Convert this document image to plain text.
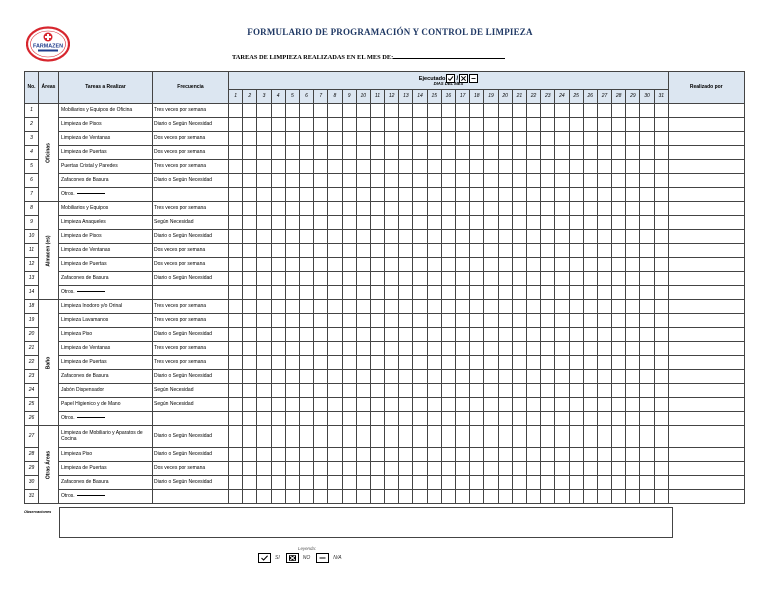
FARMAZEN
FORMULARIO DE PROGRAMACIÓN Y CONTROL DE LIMPIEZA
TAREAS DE LIMPIEZA REALIZADAS EN EL MES DE:
No.	Áreas	Tareas a Realizar	Frecuencia	Ejecutado /
DIAS DEL MES																															Realizado por
				1	2	3	4	5	6	7	8	9	10	11	12	13	14	15	16	17	18	19	20	21	22	23	24	25	26	27	28	29	30	31	
1	Oficinas	Mobiliarios y Equipos de Oficina	Tres veces por semana																																
2		Limpieza de Pisos	Diario o Según Necesidad																																
3		Limpieza de Ventanas	Dos veces por semana																																
4		Limpieza de Puertas	Dos veces por semana																																
5		Puertas Cristal y Paredes	Tres veces por semana																																
6		Zafacones de Basura	Diario o Según Necesidad																																
7		Otros.																																	
8	Almacen (es)	Mobiliarios y Equipos	Tres veces por semana																																
9		Limpieza Anaqueles	Según Necesidad																																
10		Limpieza de Pisos	Diario o Según Necesidad																																
11		Limpieza de Ventanas	Dos veces por semana																																
12		Limpieza de Puertas	Dos veces por semana																																
13		Zafacones de Basura	Diario o Según Necesidad																																
14		Otros.																																	
18	Baño	Limpieza Inodoro y/o Orinal	Tres veces por semana																																
19		Limpieza Lavamanos	Tres veces por semana																																
20		Limpieza Piso	Diario o Según Necesidad																																
21		Limpieza de Ventanas	Tres veces por semana																																
22		Limpieza de Puertas	Tres veces por semana																																
23		Zafacones de Basura	Diario o Según Necesidad																																
24		Jabón Dispensador	Según Necesidad																																
25		Papel Higienico y de Mano	Según Necesidad																																
26		Otros.																																	
27	Otras Áreas	Limpieza de Mobiliario y Aparatos de Cocina	Diario o Según Necesidad																																
28		Limpieza Piso	Diario o Según Necesidad																																
29		Limpieza de Puertas	Dos veces por semana																																
30		Zafacones de Basura	Diario o Según Necesidad																																
31		Otros.																																	
Observaciones
Leyenda:
SI	NO	N/A
